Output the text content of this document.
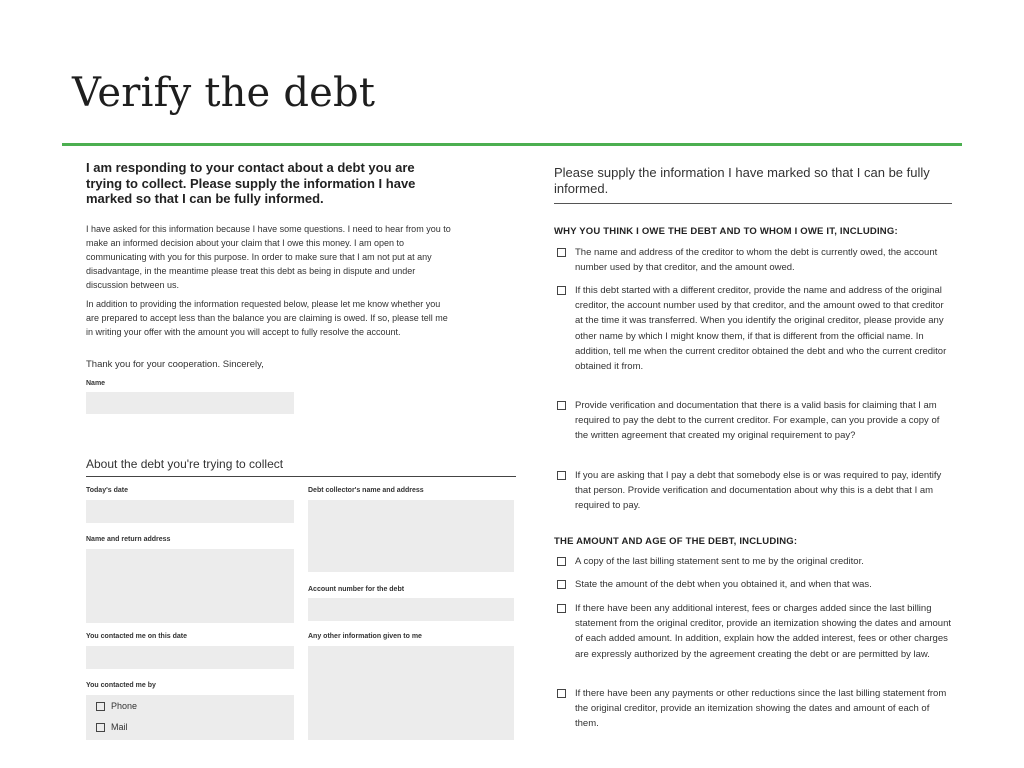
Verify the debt

I am responding to your contact about a debt you are trying to collect. Please supply the information I have marked so that I can be fully informed.

I have asked for this information because I have some questions. I need to hear from you to make an informed decision about your claim that I owe this money. I am open to communicating with you for this purpose. In order to make sure that I am not put at any disadvantage, in the meantime please treat this debt as being in dispute and under discussion between us.

In addition to providing the information requested below, please let me know whether you are prepared to accept less than the balance you are claiming is owed. If so, please tell me in writing your offer with the amount you will accept to fully resolve the account.

Thank you for your cooperation. Sincerely,
Name
About the debt you're trying to collect
Today's date
Name and return address
You contacted me on this date
You contacted me by
Phone
Mail
Debt collector's name and address
Account number for the debt
Any other information given to me

Please supply the information I have marked so that I can be fully informed.

WHY YOU THINK I OWE THE DEBT AND TO WHOM I OWE IT, INCLUDING:
The name and address of the creditor to whom the debt is currently owed, the account number used by that creditor, and the amount owed.
If this debt started with a different creditor, provide the name and address of the original creditor, the account number used by that creditor, and the amount owed to that creditor at the time it was transferred. When you identify the original creditor, please provide any other name by which I might know them, if that is different from the official name. In addition, tell me when the current creditor obtained the debt and who the current creditor obtained it from.
Provide verification and documentation that there is a valid basis for claiming that I am required to pay the debt to the current creditor. For example, can you provide a copy of the written agreement that created my original requirement to pay?
If you are asking that I pay a debt that somebody else is or was required to pay, identify that person. Provide verification and documentation about why this is a debt that I am required to pay.
THE AMOUNT AND AGE OF THE DEBT, INCLUDING:
A copy of the last billing statement sent to me by the original creditor.
State the amount of the debt when you obtained it, and when that was.
If there have been any additional interest, fees or charges added since the last billing statement from the original creditor, provide an itemization showing the dates and amount of each added amount. In addition, explain how the added interest, fees or other charges are expressly authorized by the agreement creating the debt or are permitted by law.
If there have been any payments or other reductions since the last billing statement from the original creditor, provide an itemization showing the dates and amount of each of them.
